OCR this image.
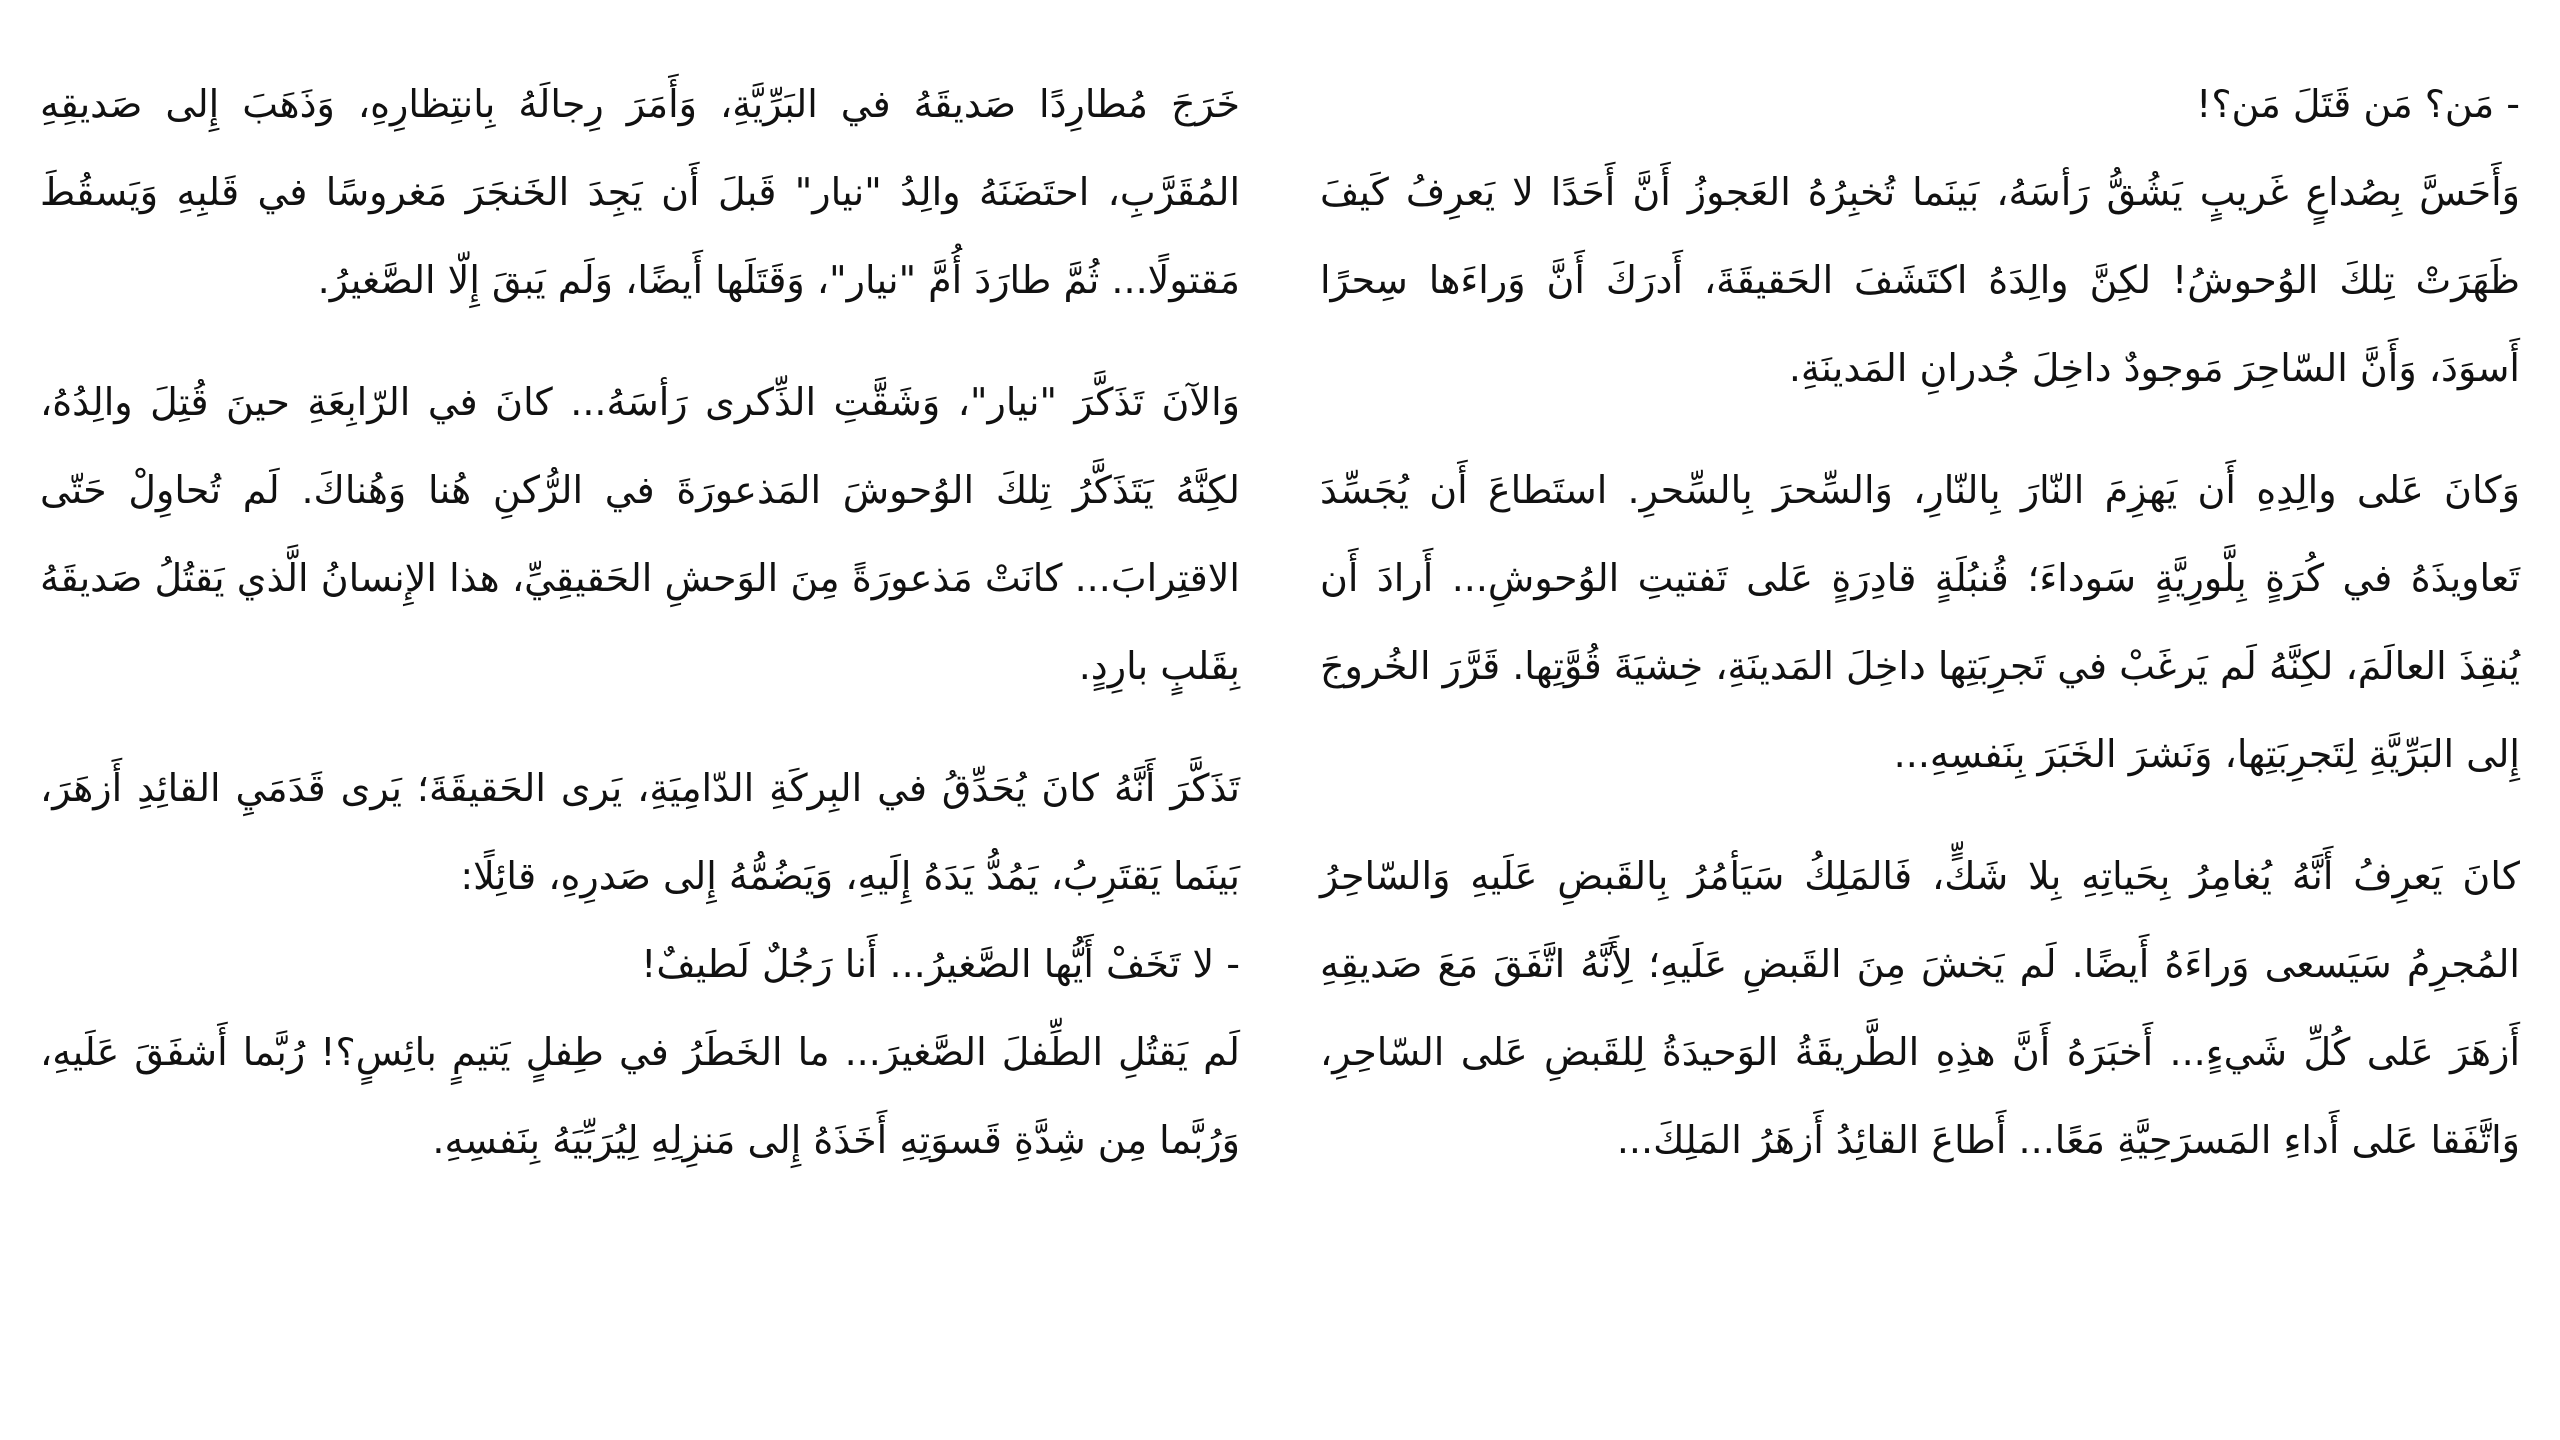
- مَن؟ مَن قَتَلَ مَن؟!

وَأَحَسَّ بِصُداعٍ غَريبٍ يَشُقُّ رَأسَهُ، بَينَما تُخبِرُهُ العَجوزُ أَنَّ أَحَدًا لا يَعرِفُ كَيفَ ظَهَرَتْ تِلكَ الوُحوشُ! لكِنَّ والِدَهُ اكتَشَفَ الحَقيقَةَ، أَدرَكَ أَنَّ وَراءَها سِحرًا أَسوَدَ، وَأَنَّ السّاحِرَ مَوجودٌ داخِلَ جُدرانِ المَدينَةِ.

وَكانَ عَلى والِدِهِ أَن يَهزِمَ النّارَ بِالنّارِ، وَالسِّحرَ بِالسِّحرِ. استَطاعَ أَن يُجَسِّدَ تَعاويذَهُ في كُرَةٍ بِلَّورِيَّةٍ سَوداءَ؛ قُنبُلَةٍ قادِرَةٍ عَلى تَفتيتِ الوُحوشِ... أَرادَ أَن يُنقِذَ العالَمَ، لكِنَّهُ لَم يَرغَبْ في تَجرِبَتِها داخِلَ المَدينَةِ، خِشيَةَ قُوَّتِها. قَرَّرَ الخُروجَ إِلى البَرِّيَّةِ لِتَجرِبَتِها، وَنَشرَ الخَبَرَ بِنَفسِهِ...

كانَ يَعرِفُ أَنَّهُ يُغامِرُ بِحَياتِهِ بِلا شَكٍّ، فَالمَلِكُ سَيَأمُرُ بِالقَبضِ عَلَيهِ وَالسّاحِرُ المُجرِمُ سَيَسعى وَراءَهُ أَيضًا. لَم يَخشَ مِنَ القَبضِ عَلَيهِ؛ لِأَنَّهُ اتَّفَقَ مَعَ صَديقِهِ أَزهَرَ عَلى كُلِّ شَيءٍ... أَخبَرَهُ أَنَّ هذِهِ الطَّريقَةُ الوَحيدَةُ لِلقَبضِ عَلى السّاحِرِ، وَاتَّفَقا عَلى أَداءِ المَسرَحِيَّةِ مَعًا... أَطاعَ القائِدُ أَزهَرُ المَلِكَ...

خَرَجَ مُطارِدًا صَديقَهُ في البَرِّيَّةِ، وَأَمَرَ رِجالَهُ بِانتِظارِهِ، وَذَهَبَ إِلى صَديقِهِ المُقَرَّبِ، احتَضَنَهُ والِدُ "نيار" قَبلَ أَن يَجِدَ الخَنجَرَ مَغروسًا في قَلبِهِ وَيَسقُطَ مَقتولًا... ثُمَّ طارَدَ أُمَّ "نيار"، وَقَتَلَها أَيضًا، وَلَم يَبقَ إِلّا الصَّغيرُ.

وَالآنَ تَذَكَّرَ "نيار"، وَشَقَّتِ الذِّكرى رَأسَهُ... كانَ في الرّابِعَةِ حينَ قُتِلَ والِدُهُ، لكِنَّهُ يَتَذَكَّرُ تِلكَ الوُحوشَ المَذعورَةَ في الرُّكنِ هُنا وَهُناكَ. لَم تُحاوِلْ حَتّى الاقتِرابَ... كانَتْ مَذعورَةً مِنَ الوَحشِ الحَقيقِيِّ، هذا الإِنسانُ الَّذي يَقتُلُ صَديقَهُ بِقَلبٍ بارِدٍ.

تَذَكَّرَ أَنَّهُ كانَ يُحَدِّقُ في البِركَةِ الدّامِيَةِ، يَرى الحَقيقَةَ؛ يَرى قَدَمَيِ القائِدِ أَزهَرَ، بَينَما يَقتَرِبُ، يَمُدُّ يَدَهُ إِلَيهِ، وَيَضُمُّهُ إِلى صَدرِهِ، قائِلًا:

- لا تَخَفْ أَيُّها الصَّغيرُ... أَنا رَجُلٌ لَطيفٌ!

لَم يَقتُلِ الطِّفلَ الصَّغيرَ... ما الخَطَرُ في طِفلٍ يَتيمٍ بائِسٍ؟! رُبَّما أَشفَقَ عَلَيهِ، وَرُبَّما مِن شِدَّةِ قَسوَتِهِ أَخَذَهُ إِلى مَنزِلِهِ لِيُرَبِّيَهُ بِنَفسِهِ.
